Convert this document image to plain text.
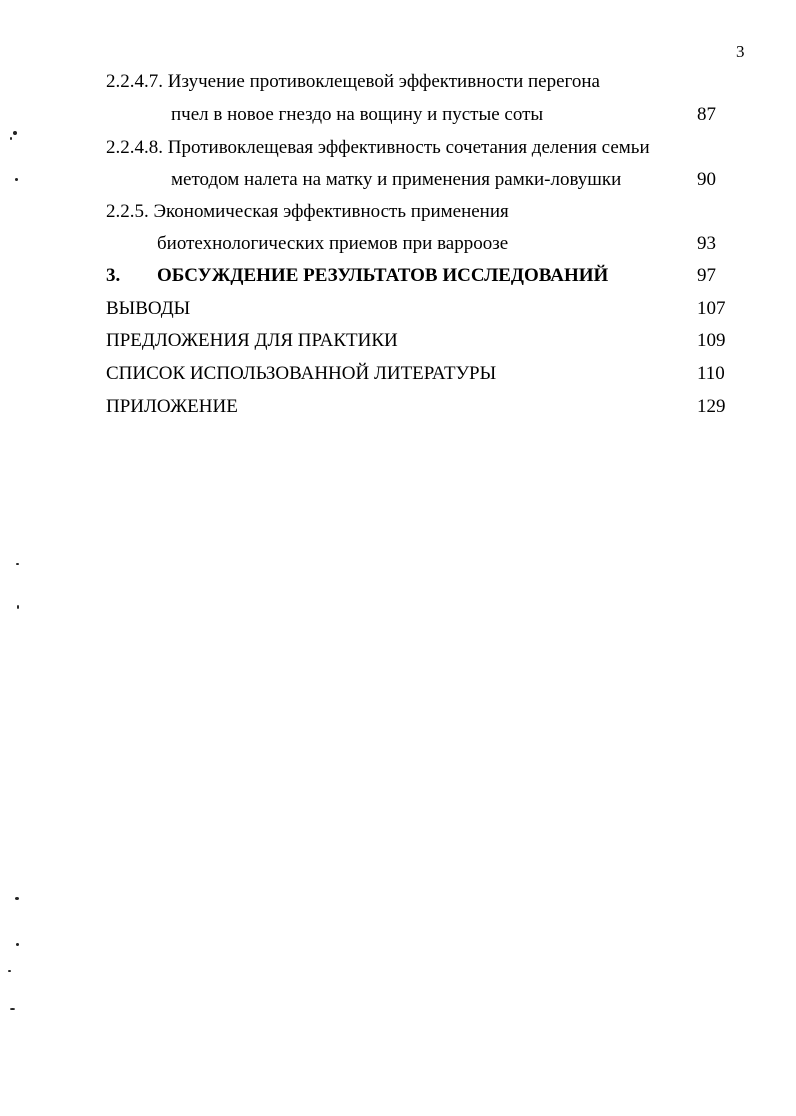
3
2.2.4.7. Изучение противоклещевой эффективности перегона
пчел в новое гнездо на вощину и пустые соты	87
2.2.4.8. Противоклещевая эффективность сочетания деления семьи
методом налета на матку и применения рамки-ловушки	90
2.2.5. Экономическая эффективность применения
биотехнологических приемов при варроозе	93
3. ОБСУЖДЕНИЕ РЕЗУЛЬТАТОВ ИССЛЕДОВАНИЙ	97
ВЫВОДЫ	107
ПРЕДЛОЖЕНИЯ ДЛЯ ПРАКТИКИ	109
СПИСОК ИСПОЛЬЗОВАННОЙ ЛИТЕРАТУРЫ	110
ПРИЛОЖЕНИЕ	129
